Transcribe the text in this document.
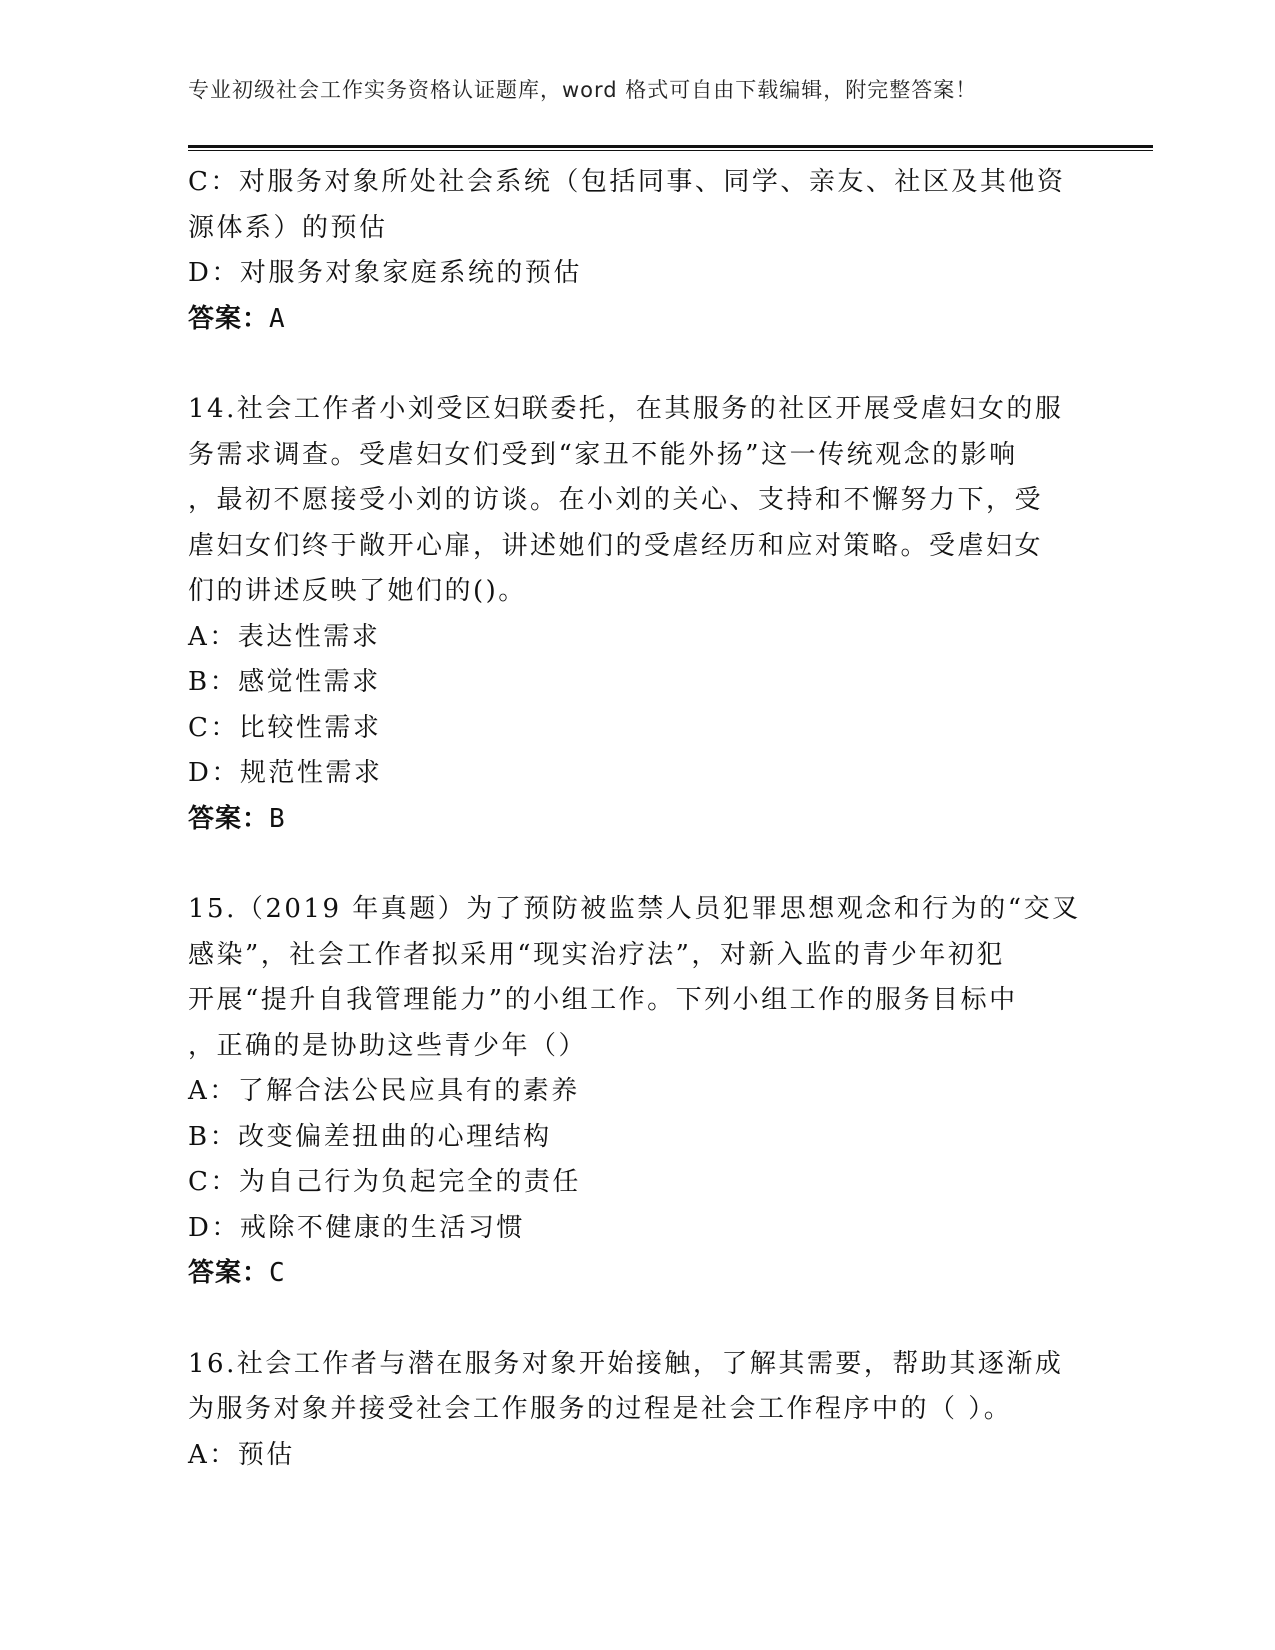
专业初级社会工作实务资格认证题库，word 格式可自由下载编辑，附完整答案！
C：对服务对象所处社会系统（包括同事、同学、亲友、社区及其他资
源体系）的预估
D：对服务对象家庭系统的预估
答案：A
14.社会工作者小刘受区妇联委托，在其服务的社区开展受虐妇女的服
务需求调查。受虐妇女们受到“家丑不能外扬”这一传统观念的影响
，最初不愿接受小刘的访谈。在小刘的关心、支持和不懈努力下，受
虐妇女们终于敞开心扉，讲述她们的受虐经历和应对策略。受虐妇女
们的讲述反映了她们的()。
A：表达性需求
B：感觉性需求
C：比较性需求
D：规范性需求
答案：B
15.（2019 年真题）为了预防被监禁人员犯罪思想观念和行为的“交叉
感染”，社会工作者拟采用“现实治疗法”，对新入监的青少年初犯
开展“提升自我管理能力”的小组工作。下列小组工作的服务目标中
，正确的是协助这些青少年（）
A：了解合法公民应具有的素养
B：改变偏差扭曲的心理结构
C：为自己行为负起完全的责任
D：戒除不健康的生活习惯
答案：C
16.社会工作者与潜在服务对象开始接触，了解其需要，帮助其逐渐成
为服务对象并接受社会工作服务的过程是社会工作程序中的（ ）。
A：预估
